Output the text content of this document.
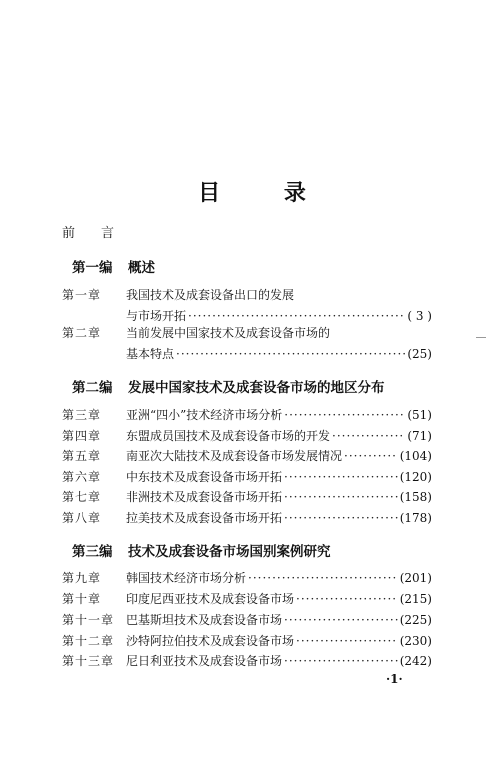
目 录
前言
第一编 概述
第一章 我国技术及成套设备出口的发展
与市场开拓 ·····	( 3 )
第二章 当前发展中国家技术及成套设备市场的
基本特点 ·····	(25)
第二编 发展中国家技术及成套设备市场的地区分布
第三章 亚洲“四小”技术经济市场分析 ·····	(51)
第四章 东盟成员国技术及成套设备市场的开发 ·····	(71)
第五章 南亚次大陆技术及成套设备市场发展情况 ·····	(104)
第六章 中东技术及成套设备市场开拓 ·····	(120)
第七章 非洲技术及成套设备市场开拓 ·····	(158)
第八章 拉美技术及成套设备市场开拓 ·····	(178)
第三编 技术及成套设备市场国别案例研究
第九章 韩国技术经济市场分析 ·····	(201)
第十章 印度尼西亚技术及成套设备市场 ·····	(215)
第十一章 巴基斯坦技术及成套设备市场 ·····	(225)
第十二章 沙特阿拉伯技术及成套设备市场 ·····	(230)
第十三章 尼日利亚技术及成套设备市场 ·····	(242)
·1·
